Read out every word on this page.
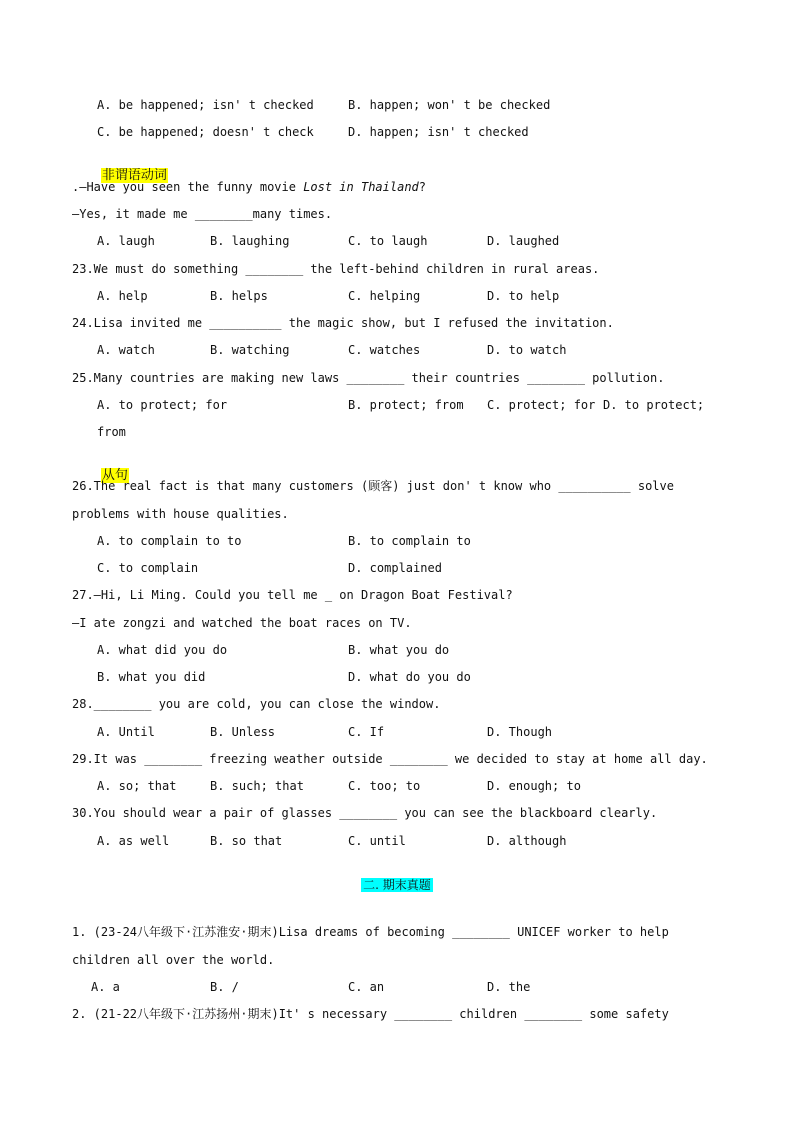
A. be happened; isn' t checked	B. happen; won' t be checked
C. be happened; doesn' t check	D. happen; isn' t checked

非谓语动词

.—Have you seen the funny movie Lost in Thailand?
—Yes, it made me ________many times.
A. laugh	B. laughing	C. to laugh	D. laughed
23.We must do something ________ the left-behind children in rural areas.
A. help	B. helps	C. helping	D. to help
24.Lisa invited me __________ the magic show, but I refused the invitation.
A. watch	B. watching	C. watches	D. to watch
25.Many countries are making new laws ________ their countries ________ pollution.
A. to protect; for	B. protect; from C. protect; for D. to protect;
from

从句

26.The real fact is that many customers (顾客) just don' t know who __________ solve
problems with house qualities.
A. to complain to to	B. to complain to
C. to complain	D. complained
27.—Hi, Li Ming. Could you tell me _ on Dragon Boat Festival?
—I ate zongzi and watched the boat races on TV.
A. what did you do	B. what you do
B. what you did	D. what do you do
28.________ you are cold, you can close the window.
A. Until	B. Unless	C. If	D. Though
29.It was ________ freezing weather outside ________ we decided to stay at home all day.
A. so; that	B. such; that	C. too; to	D. enough; to
30.You should wear a pair of glasses ________ you can see the blackboard clearly.
A. as well	B. so that	C. until	D. although
二. 期末真题
1. (23-24八年级下·江苏淮安·期末)Lisa dreams of becoming ________ UNICEF worker to help
children all over the world.
A. a	B. /	C. an	D. the
2. (21-22八年级下·江苏扬州·期末)It' s necessary ________ children ________ some safety
